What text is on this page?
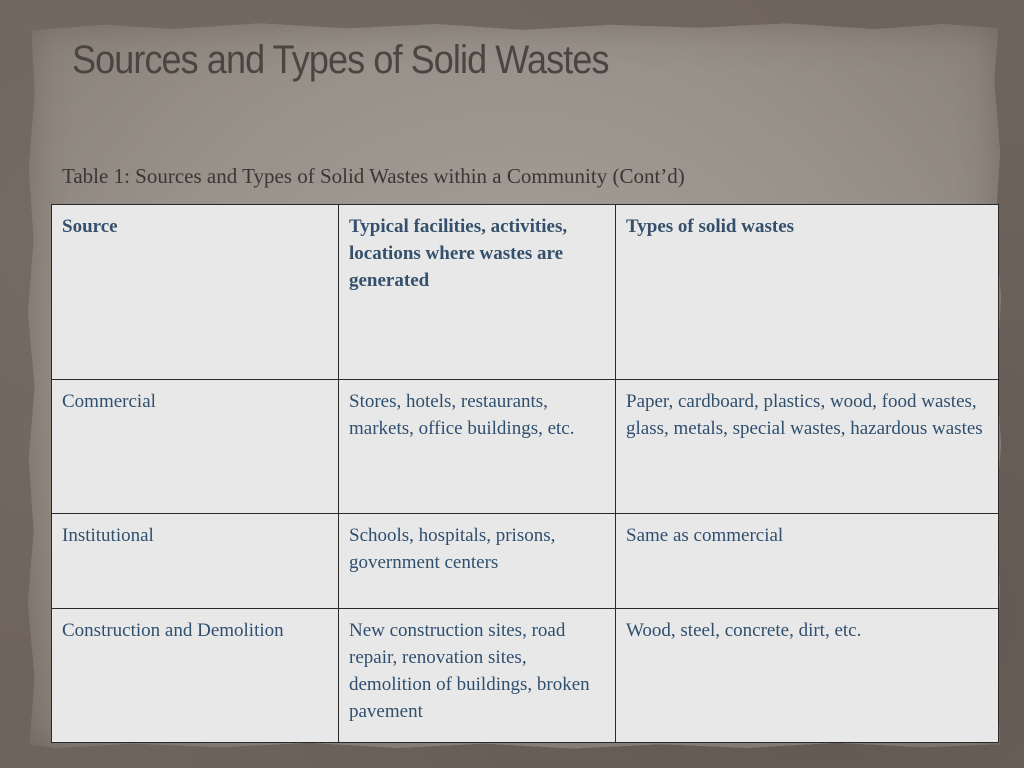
Sources and Types of Solid Wastes
Table 1: Sources and Types of Solid Wastes within a Community (Cont’d)
Source	Typical facilities, activities, locations where wastes are generated	Types of solid wastes
Commercial	Stores, hotels, restaurants, markets, office buildings, etc.	Paper, cardboard, plastics, wood, food wastes, glass, metals, special wastes, hazardous wastes
Institutional	Schools, hospitals, prisons, government centers	Same as commercial
Construction and Demolition	New construction sites, road repair, renovation sites, demolition of buildings, broken pavement	Wood, steel, concrete, dirt, etc.
